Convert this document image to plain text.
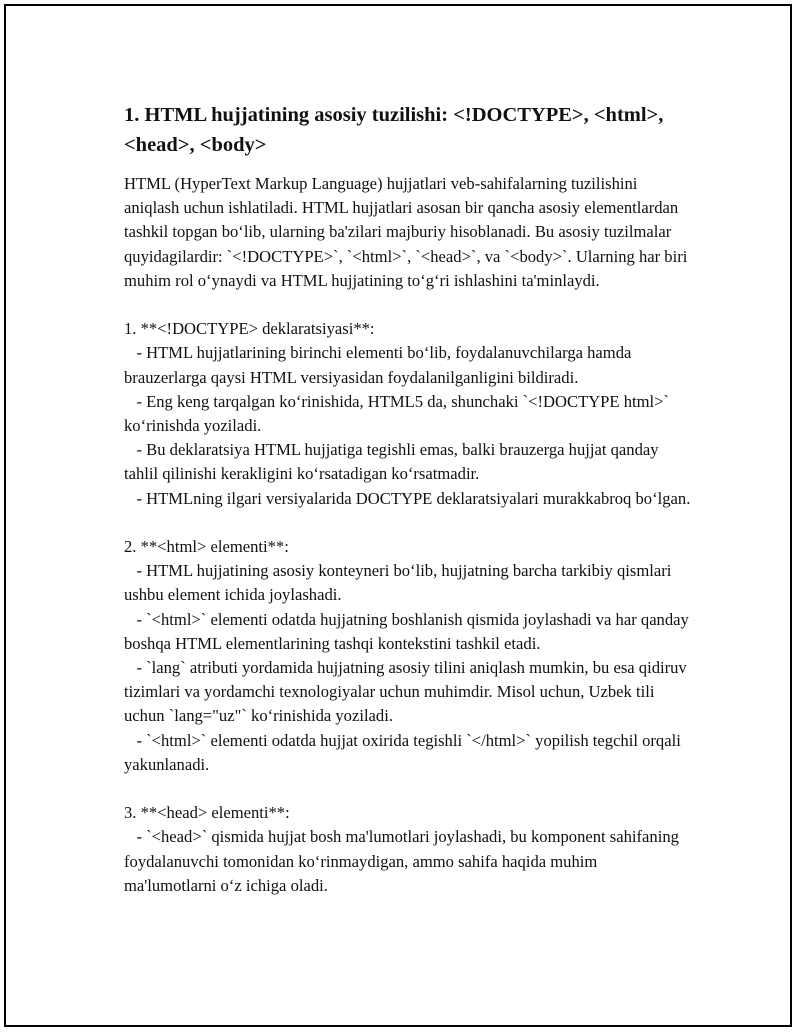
1. HTML hujjatining asosiy tuzilishi: <!DOCTYPE>, <html>, <head>, <body>

HTML (HyperText Markup Language) hujjatlari veb-sahifalarning tuzilishini aniqlash uchun ishlatiladi. HTML hujjatlari asosan bir qancha asosiy elementlardan tashkil topgan bo‘lib, ularning ba'zilari majburiy hisoblanadi. Bu asosiy tuzilmalar quyidagilardir: `<!DOCTYPE>`, `<html>`, `<head>`, va `<body>`. Ularning har biri muhim rol o‘ynaydi va HTML hujjatining to‘g‘ri ishlashini ta'minlaydi.

1. **<!DOCTYPE> deklaratsiyasi**:

- HTML hujjatlarining birinchi elementi bo‘lib, foydalanuvchilarga hamda brauzerlarga qaysi HTML versiyasidan foydalanilganligini bildiradi.

- Eng keng tarqalgan ko‘rinishida, HTML5 da, shunchaki `<!DOCTYPE html>` ko‘rinishda yoziladi.

- Bu deklaratsiya HTML hujjatiga tegishli emas, balki brauzerga hujjat qanday tahlil qilinishi kerakligini ko‘rsatadigan ko‘rsatmadir.

- HTMLning ilgari versiyalarida DOCTYPE deklaratsiyalari murakkabroq bo‘lgan.

2. **<html> elementi**:

- HTML hujjatining asosiy konteyneri bo‘lib, hujjatning barcha tarkibiy qismlari ushbu element ichida joylashadi.

- `<html>` elementi odatda hujjatning boshlanish qismida joylashadi va har qanday boshqa HTML elementlarining tashqi kontekstini tashkil etadi.

- `lang` atributi yordamida hujjatning asosiy tilini aniqlash mumkin, bu esa qidiruv tizimlari va yordamchi texnologiyalar uchun muhimdir. Misol uchun, Uzbek tili uchun `lang="uz"` ko‘rinishida yoziladi.

- `<html>` elementi odatda hujjat oxirida tegishli `</html>` yopilish tegchil orqali yakunlanadi.

3. **<head> elementi**:

- `<head>` qismida hujjat bosh ma'lumotlari joylashadi, bu komponent sahifaning foydalanuvchi tomonidan ko‘rinmaydigan, ammo sahifa haqida muhim ma'lumotlarni o‘z ichiga oladi.
